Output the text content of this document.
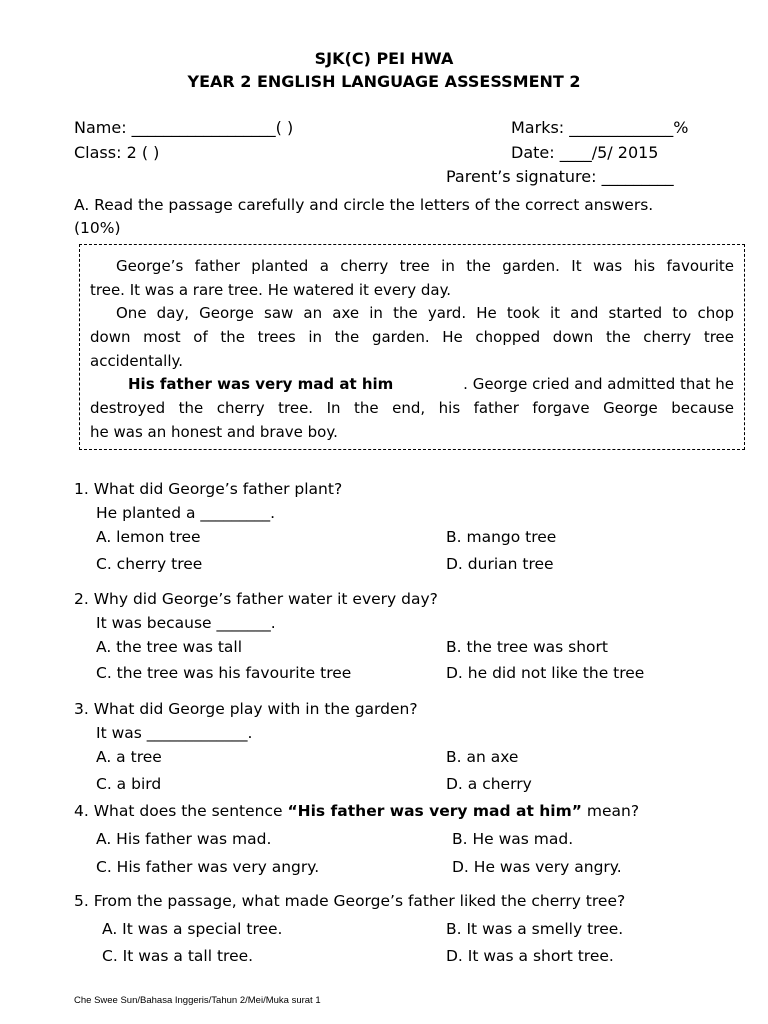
SJK(C) PEI HWA
YEAR 2 ENGLISH LANGUAGE ASSESSMENT 2
Name: __________________( )
Class: 2 ( )
Marks: _____________%
Date: ____/5/ 2015
Parent’s signature: _________
A. Read the passage carefully and circle the letters of the correct answers.
(10%)
George’s father planted a cherry tree in the garden. It was his favourite
tree. It was a rare tree. He watered it every day.
One day, George saw an axe in the yard. He took it and started to chop
down most of the trees in the garden. He chopped down the cherry tree
accidentally.
His father was very mad at him	. George cried and admitted that he
destroyed the cherry tree. In the end, his father forgave George because
he was an honest and brave boy.
1. What did George’s father plant?
He planted a _________.
A. lemon tree	B. mango tree
C. cherry tree	D. durian tree
2. Why did George’s father water it every day?
It was because _______.
A. the tree was tall	B. the tree was short
C. the tree was his favourite tree	D. he did not like the tree
3. What did George play with in the garden?
It was _____________.
A. a tree	B. an axe
C. a bird	D. a cherry
4. What does the sentence “His father was very mad at him” mean?
A. His father was mad.	B. He was mad.
C. His father was very angry.	D. He was very angry.
5. From the passage, what made George’s father liked the cherry tree?
A. It was a special tree.	B. It was a smelly tree.
C. It was a tall tree.	D. It was a short tree.
Che Swee Sun/Bahasa Inggeris/Tahun 2/Mei/Muka surat 1
